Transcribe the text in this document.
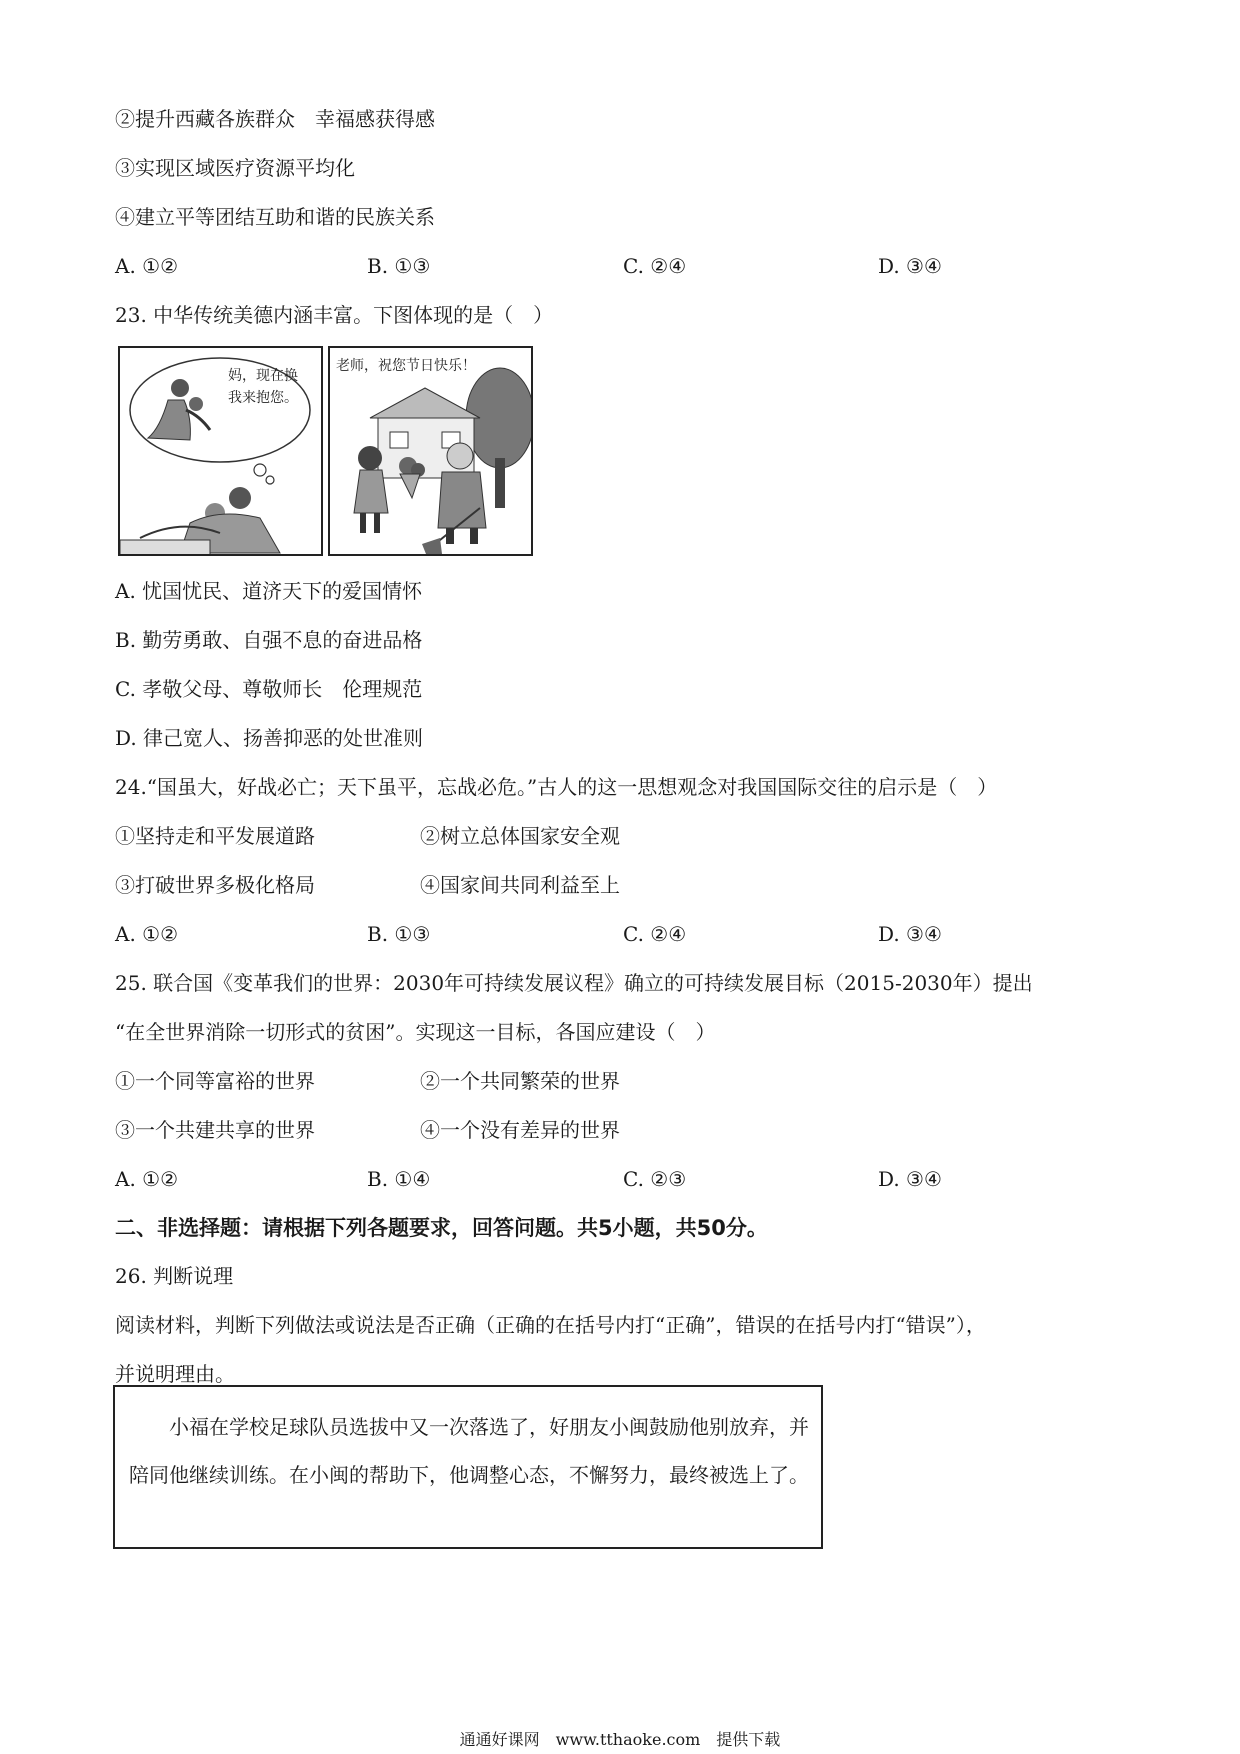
②提升西藏各族群众　幸福感获得感
③实现区域医疗资源平均化
④建立平等团结互助和谐的民族关系
A. ①②	B. ①③	C. ②④	D. ③④
23. 中华传统美德内涵丰富。下图体现的是（　）
妈，现在换
我来抱您。
老师，祝您节日快乐！
A. 忧国忧民、道济天下的爱国情怀
B. 勤劳勇敢、自强不息的奋进品格
C. 孝敬父母、尊敬师长　伦理规范
D. 律己宽人、扬善抑恶的处世准则
24.“国虽大，好战必亡；天下虽平，忘战必危。”古人的这一思想观念对我国国际交往的启示是（　）
①坚持走和平发展道路	②树立总体国家安全观
③打破世界多极化格局	④国家间共同利益至上
A. ①②	B. ①③	C. ②④	D. ③④
25. 联合国《变革我们的世界：2030年可持续发展议程》确立的可持续发展目标（2015-2030年）提出
“在全世界消除一切形式的贫困”。实现这一目标，各国应建设（　）
①一个同等富裕的世界	②一个共同繁荣的世界
③一个共建共享的世界	④一个没有差异的世界
A. ①②	B. ①④	C. ②③	D. ③④
二、非选择题：请根据下列各题要求，回答问题。共5小题，共50分。
26. 判断说理
阅读材料，判断下列做法或说法是否正确（正确的在括号内打“正确”，错误的在括号内打“错误”），
并说明理由。
小福在学校足球队员选拔中又一次落选了，好朋友小闽鼓励他别放弃，并陪同他继续训练。在小闽的帮助下，他调整心态，不懈努力，最终被选上了。
通通好课网　www.tthaoke.com　提供下载
